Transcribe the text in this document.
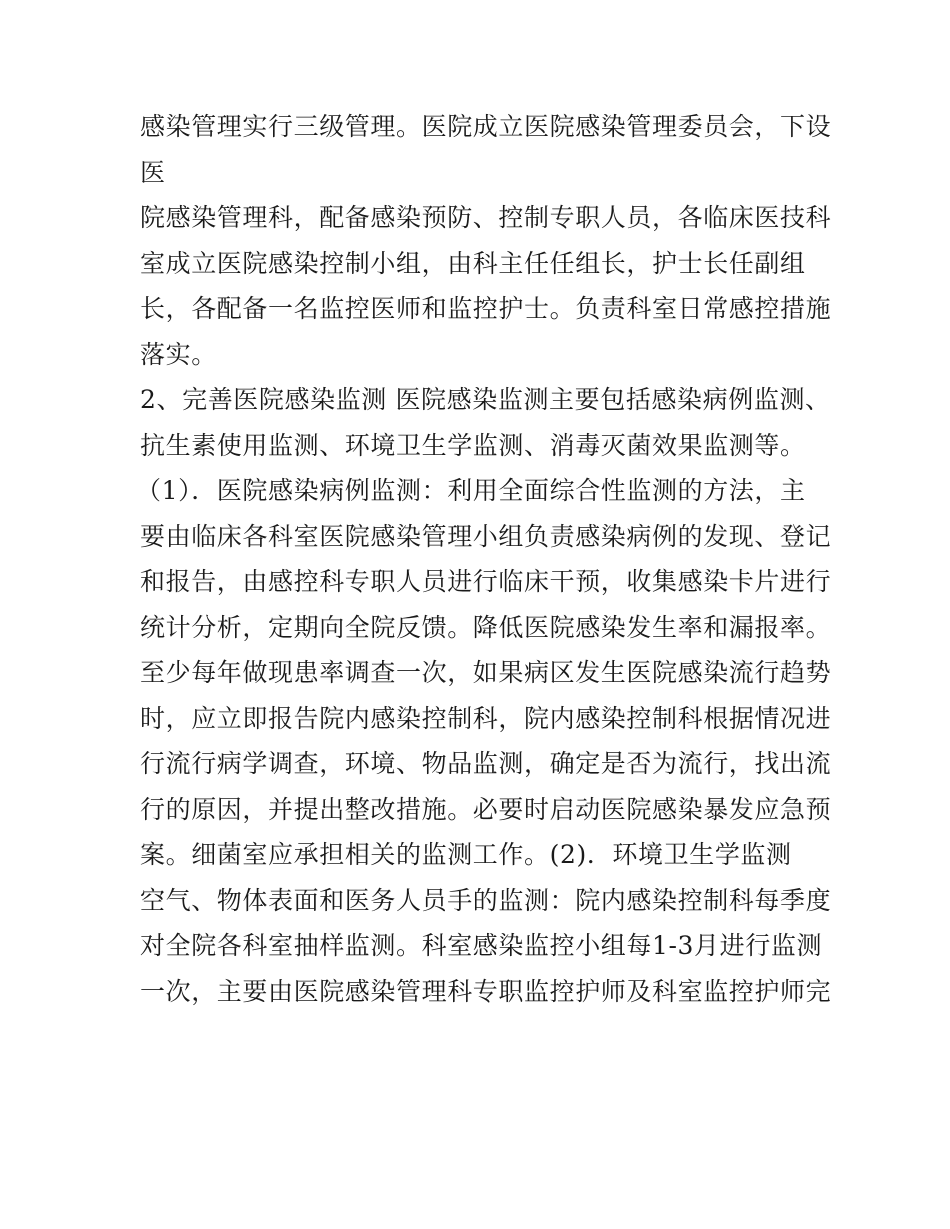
感染管理实行三级管理。医院成立医院感染管理委员会，下设
医
院感染管理科，配备感染预防、控制专职人员，各临床医技科
室成立医院感染控制小组，由科主任任组长，护士长任副组
长，各配备一名监控医师和监控护士。负责科室日常感控措施
落实。
2、完善医院感染监测 医院感染监测主要包括感染病例监测、
抗生素使用监测、环境卫生学监测、消毒灭菌效果监测等。
（1）．医院感染病例监测：利用全面综合性监测的方法，主
要由临床各科室医院感染管理小组负责感染病例的发现、登记
和报告，由感控科专职人员进行临床干预，收集感染卡片进行
统计分析，定期向全院反馈。降低医院感染发生率和漏报率。
至少每年做现患率调查一次，如果病区发生医院感染流行趋势
时，应立即报告院内感染控制科，院内感染控制科根据情况进
行流行病学调查，环境、物品监测，确定是否为流行，找出流
行的原因，并提出整改措施。必要时启动医院感染暴发应急预
案。细菌室应承担相关的监测工作。(2)．环境卫生学监测
空气、物体表面和医务人员手的监测：院内感染控制科每季度
对全院各科室抽样监测。科室感染监控小组每1-3月进行监测
一次，主要由医院感染管理科专职监控护师及科室监控护师完
